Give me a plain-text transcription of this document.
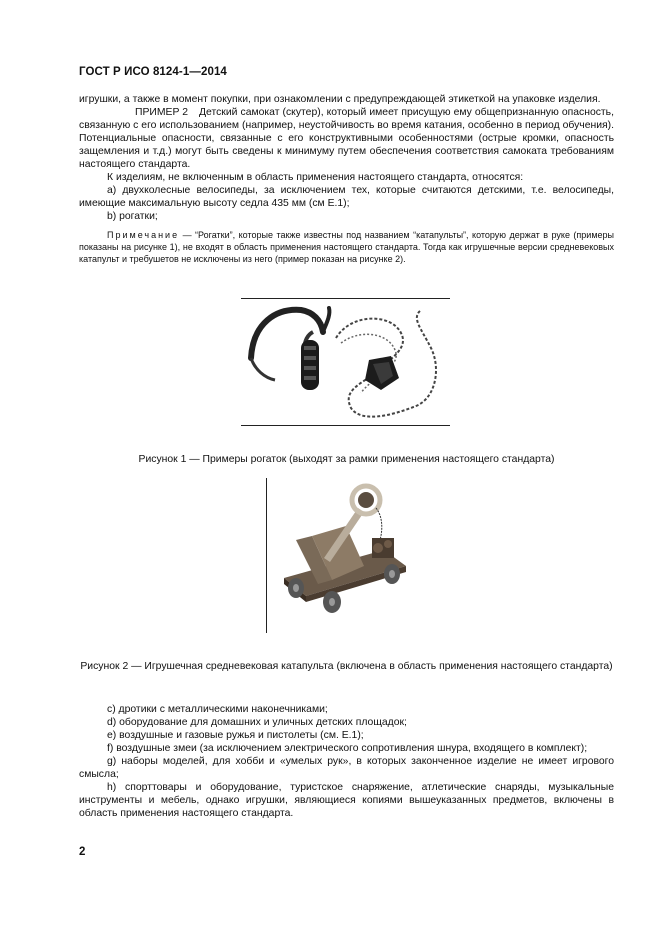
ГОСТ Р ИСО 8124-1—2014

игрушки, а также в момент покупки, при ознакомлении с предупреждающей этикеткой на упаковке изделия.

ПРИМЕР 2 Детский самокат (скутер), который имеет присущую ему общепризнанную опасность, связанную с его использованием (например, неустойчивость во время катания, особенно в период обучения). Потенциальные опасности, связанные с его конструктивными особенностями (острые кромки, опасность защемления и т.д.) могут быть сведены к минимуму путем обеспечения соответствия самоката требованиям настоящего стандарта.

К изделиям, не включенным в область применения настоящего стандарта, относятся:

a) двухколесные велосипеды, за исключением тех, которые считаются детскими, т.е. велосипеды, имеющие максимальную высоту седла 435 мм (см Е.1);

b) рогатки;

Примечание — “Рогатки”, которые также известны под названием “катапульты”, которую держат в руке (примеры показаны на рисунке 1), не входят в область применения настоящего стандарта. Тогда как игрушечные версии средневековых катапульт и требушетов не исключены из него (пример показан на рисунке 2).

Рисунок 1 — Примеры рогаток (выходят за рамки применения настоящего стандарта)
Рисунок 2 — Игрушечная средневековая катапульта (включена в область применения настоящего стандарта)

c) дротики с металлическими наконечниками;

d) оборудование для домашних и уличных детских площадок;

e) воздушные и газовые ружья и пистолеты (см. Е.1);

f) воздушные змеи (за исключением электрического сопротивления шнура, входящего в комплект);

g) наборы моделей, для хобби и «умелых рук», в которых законченное изделие не имеет игрового смысла;

h) спорттовары и оборудование, туристское снаряжение, атлетические снаряды, музыкальные инструменты и мебель, однако игрушки, являющиеся копиями вышеуказанных предметов, включены в область применения настоящего стандарта.

2
